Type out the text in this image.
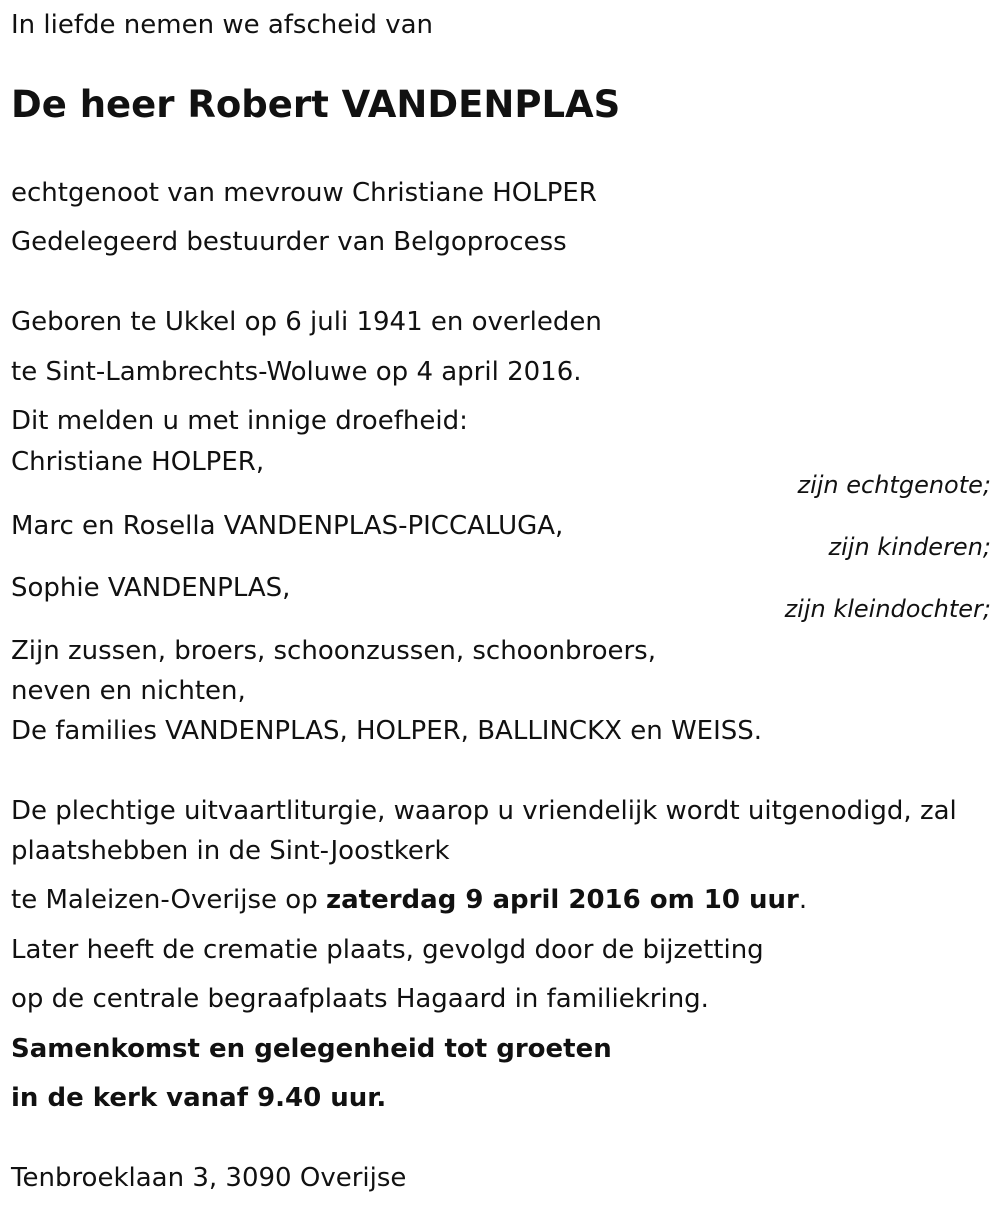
In liefde nemen we afscheid van
De heer Robert VANDENPLAS
echtgenoot van mevrouw Christiane HOLPER
Gedelegeerd bestuurder van Belgoprocess
Geboren te Ukkel op 6 juli 1941 en overleden
te Sint-Lambrechts-Woluwe op 4 april 2016.
Dit melden u met innige droefheid:
Christiane HOLPER,
zijn echtgenote;
Marc en Rosella VANDENPLAS-PICCALUGA,
zijn kinderen;
Sophie VANDENPLAS,
zijn kleindochter;
Zijn zussen, broers, schoonzussen, schoonbroers,
neven en nichten,
De families VANDENPLAS, HOLPER, BALLINCKX en WEISS.
De plechtige uitvaartliturgie, waarop u vriendelijk wordt uitgenodigd, zal
plaatshebben in de Sint-Joostkerk
te Maleizen-Overijse op zaterdag 9 april 2016 om 10 uur.
Later heeft de crematie plaats, gevolgd door de bijzetting
op de centrale begraafplaats Hagaard in familiekring.
Samenkomst en gelegenheid tot groeten
in de kerk vanaf 9.40 uur.
Tenbroeklaan 3, 3090 Overijse
